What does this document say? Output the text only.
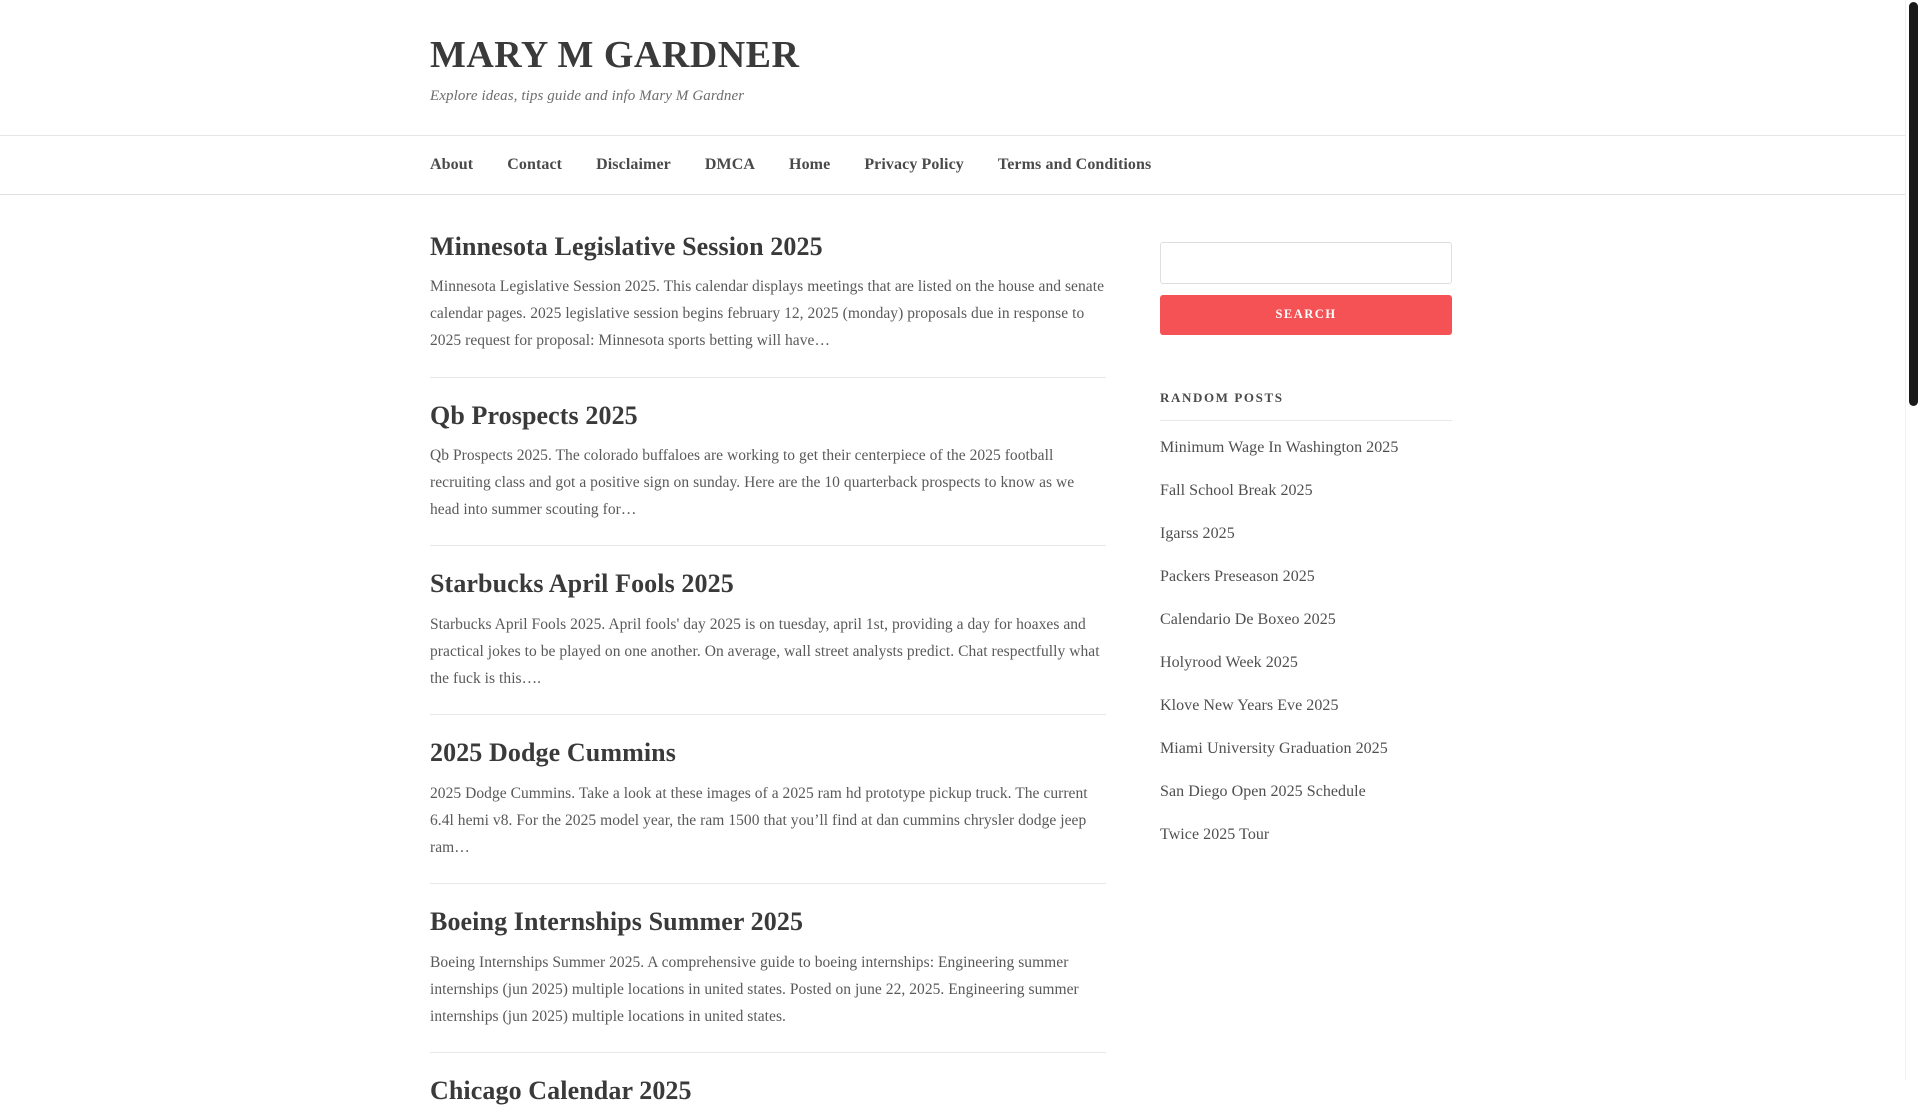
MARY M GARDNER

Explore ideas, tips guide and info Mary M Gardner

About Contact Disclaimer DMCA Home Privacy Policy Terms and Conditions
Minnesota Legislative Session 2025

Minnesota Legislative Session 2025. This calendar displays meetings that are listed on the house and senate calendar pages. 2025 legislative session begins february 12, 2025 (monday) proposals due in response to 2025 request for proposal: Minnesota sports betting will have…

Qb Prospects 2025

Qb Prospects 2025. The colorado buffaloes are working to get their centerpiece of the 2025 football recruiting class and got a positive sign on sunday. Here are the 10 quarterback prospects to know as we head into summer scouting for…

Starbucks April Fools 2025

Starbucks April Fools 2025. April fools' day 2025 is on tuesday, april 1st, providing a day for hoaxes and practical jokes to be played on one another. On average, wall street analysts predict. Chat respectfully what the fuck is this….

2025 Dodge Cummins

2025 Dodge Cummins. Take a look at these images of a 2025 ram hd prototype pickup truck. The current 6.4l hemi v8. For the 2025 model year, the ram 1500 that you’ll find at dan cummins chrysler dodge jeep ram…

Boeing Internships Summer 2025

Boeing Internships Summer 2025. A comprehensive guide to boeing internships: Engineering summer internships (jun 2025) multiple locations in united states. Posted on june 22, 2025. Engineering summer internships (jun 2025) multiple locations in united states.

Chicago Calendar 2025
SEARCH
RANDOM POSTS
Minimum Wage In Washington 2025
Fall School Break 2025
Igarss 2025
Packers Preseason 2025
Calendario De Boxeo 2025
Holyrood Week 2025
Klove New Years Eve 2025
Miami University Graduation 2025
San Diego Open 2025 Schedule
Twice 2025 Tour
